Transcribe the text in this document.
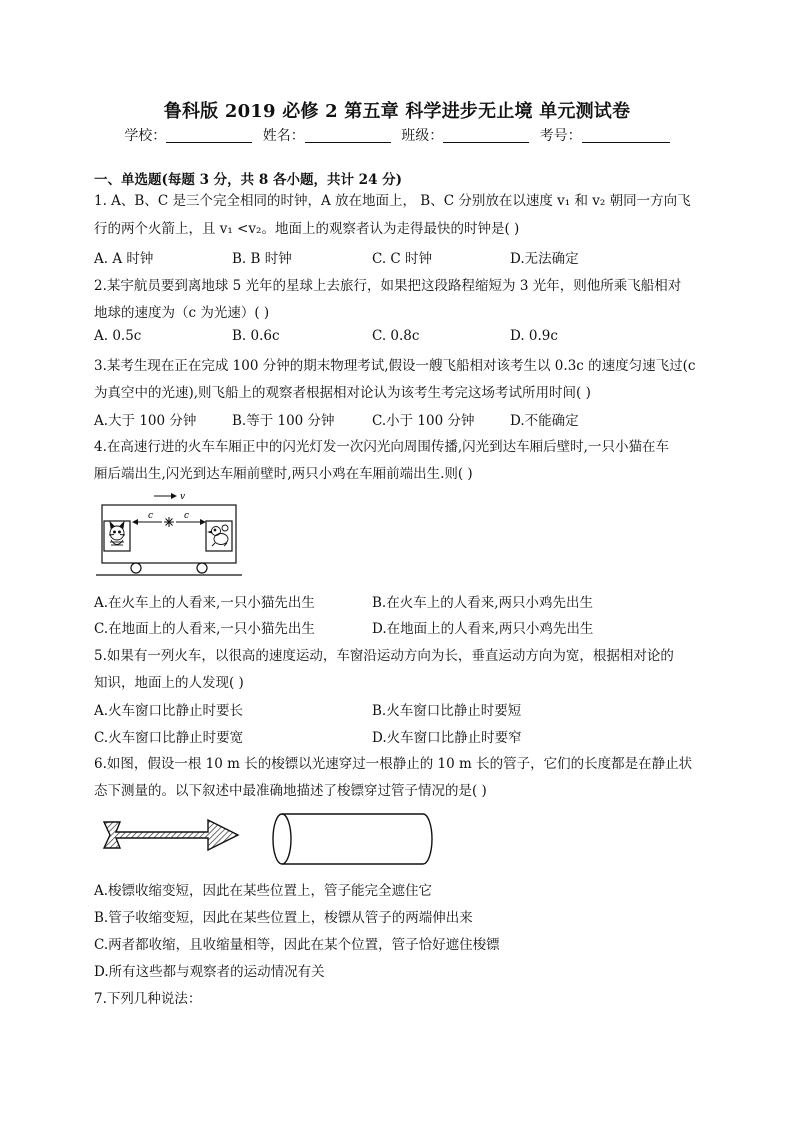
鲁科版 2019 必修 2 第五章 科学进步无止境 单元测试卷
学校：	姓名：	班级：	考号：
一、单选题(每题 3 分，共 8 各小题，共计 24 分)
1. A、B、C 是三个完全相同的时钟，A 放在地面上， B、C 分别放在以速度 v₁ 和 v₂ 朝同一方向飞
行的两个火箭上，且 v₁ <v₂。地面上的观察者认为走得最快的时钟是( )
A. A 时钟	B. B 时钟	C. C 时钟	D.无法确定
2.某宇航员要到离地球 5 光年的星球上去旅行，如果把这段路程缩短为 3 光年，则他所乘飞船相对
地球的速度为（c 为光速）( )
A. 0.5c	B. 0.6c	C. 0.8c	D. 0.9c
3.某考生现在正在完成 100 分钟的期末物理考试,假设一艘飞船相对该考生以 0.3c 的速度匀速飞过(c
为真空中的光速),则飞船上的观察者根据相对论认为该考生考完这场考试所用时间( )
A.大于 100 分钟	B.等于 100 分钟	C.小于 100 分钟	D.不能确定
4.在高速行进的火车车厢正中的闪光灯发一次闪光向周围传播,闪光到达车厢后壁时,一只小猫在车
厢后端出生,闪光到达车厢前壁时,两只小鸡在车厢前端出生.则( )
v
c	c
A.在火车上的人看来,一只小猫先出生	B.在火车上的人看来,两只小鸡先出生
C.在地面上的人看来,一只小猫先出生	D.在地面上的人看来,两只小鸡先出生
5.如果有一列火车，以很高的速度运动，车窗沿运动方向为长，垂直运动方向为宽，根据相对论的
知识，地面上的人发现( )
A.火车窗口比静止时要长	B.火车窗口比静止时要短
C.火车窗口比静止时要宽	D.火车窗口比静止时要窄
6.如图，假设一根 10 m 长的梭镖以光速穿过一根静止的 10 m 长的管子，它们的长度都是在静止状
态下测量的。以下叙述中最准确地描述了梭镖穿过管子情况的是( )
A.梭镖收缩变短，因此在某些位置上，管子能完全遮住它
B.管子收缩变短，因此在某些位置上，梭镖从管子的两端伸出来
C.两者都收缩，且收缩量相等，因此在某个位置，管子恰好遮住梭镖
D.所有这些都与观察者的运动情况有关
7.下列几种说法：
